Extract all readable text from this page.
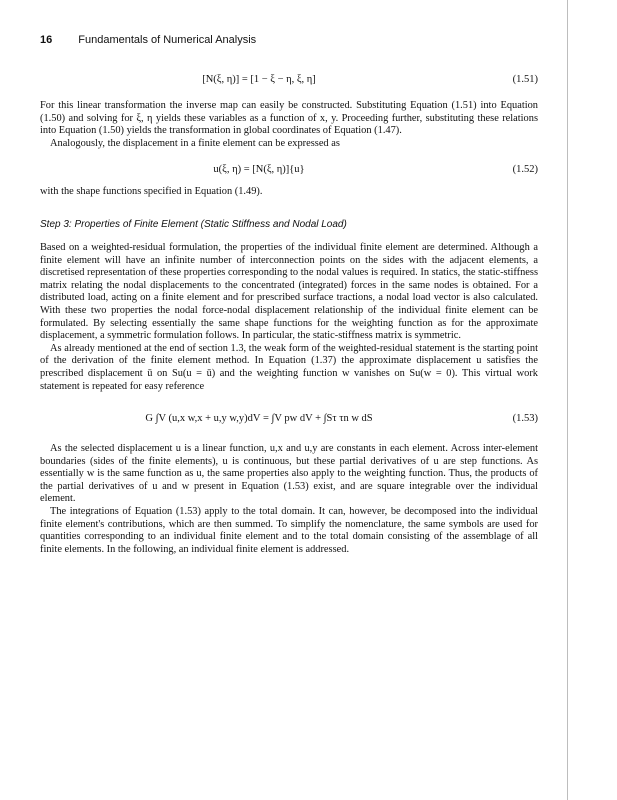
16 Fundamentals of Numerical Analysis
[N(ξ, η)] = [1 − ξ − η, ξ, η]	(1.51)

For this linear transformation the inverse map can easily be constructed. Substituting Equation (1.51) into Equation (1.50) and solving for ξ, η yields these variables as a function of x, y. Proceeding further, substituting these relations into Equation (1.50) yields the transformation in global coordinates of Equation (1.47).

Analogously, the displacement in a finite element can be expressed as

u(ξ, η) = [N(ξ, η)]{u}	(1.52)

with the shape functions specified in Equation (1.49).

Step 3: Properties of Finite Element (Static Stiffness and Nodal Load)

Based on a weighted-residual formulation, the properties of the individual finite element are determined. Although a finite element will have an infinite number of interconnection points on the sides with the adjacent elements, a discretised representation of these properties corresponding to the nodal values is required. In statics, the static-stiffness matrix relating the nodal displacements to the concentrated (integrated) forces in the same nodes is obtained. For a distributed load, acting on a finite element and for prescribed surface tractions, a nodal load vector is also calculated. With these two properties the nodal force-nodal displacement relationship of the individual finite element can be formulated. By selecting essentially the same shape functions for the weighting function as for the approximate displacement, a symmetric formulation follows. In particular, the static-stiffness matrix is symmetric.

As already mentioned at the end of section 1.3, the weak form of the weighted-residual statement is the starting point of the derivation of the finite element method. In Equation (1.37) the approximate displacement u satisfies the prescribed displacement ū on Su(u = ū) and the weighting function w vanishes on Su(w = 0). This virtual work statement is repeated for easy reference

G ∫V (u,x w,x + u,y w,y)dV = ∫V pw dV + ∫Sτ τn w dS	(1.53)

As the selected displacement u is a linear function, u,x and u,y are constants in each element. Across inter-element boundaries (sides of the finite elements), u is continuous, but these partial derivatives of u are step functions. As essentially w is the same function as u, the same properties also apply to the weighting function. Thus, the products of the partial derivatives of u and w present in Equation (1.53) exist, and are square integrable over the individual element.

The integrations of Equation (1.53) apply to the total domain. It can, however, be decomposed into the individual finite element's contributions, which are then summed. To simplify the nomenclature, the same symbols are used for quantities corresponding to an individual finite element and to the total domain consisting of the assemblage of all finite elements. In the following, an individual finite element is addressed.
